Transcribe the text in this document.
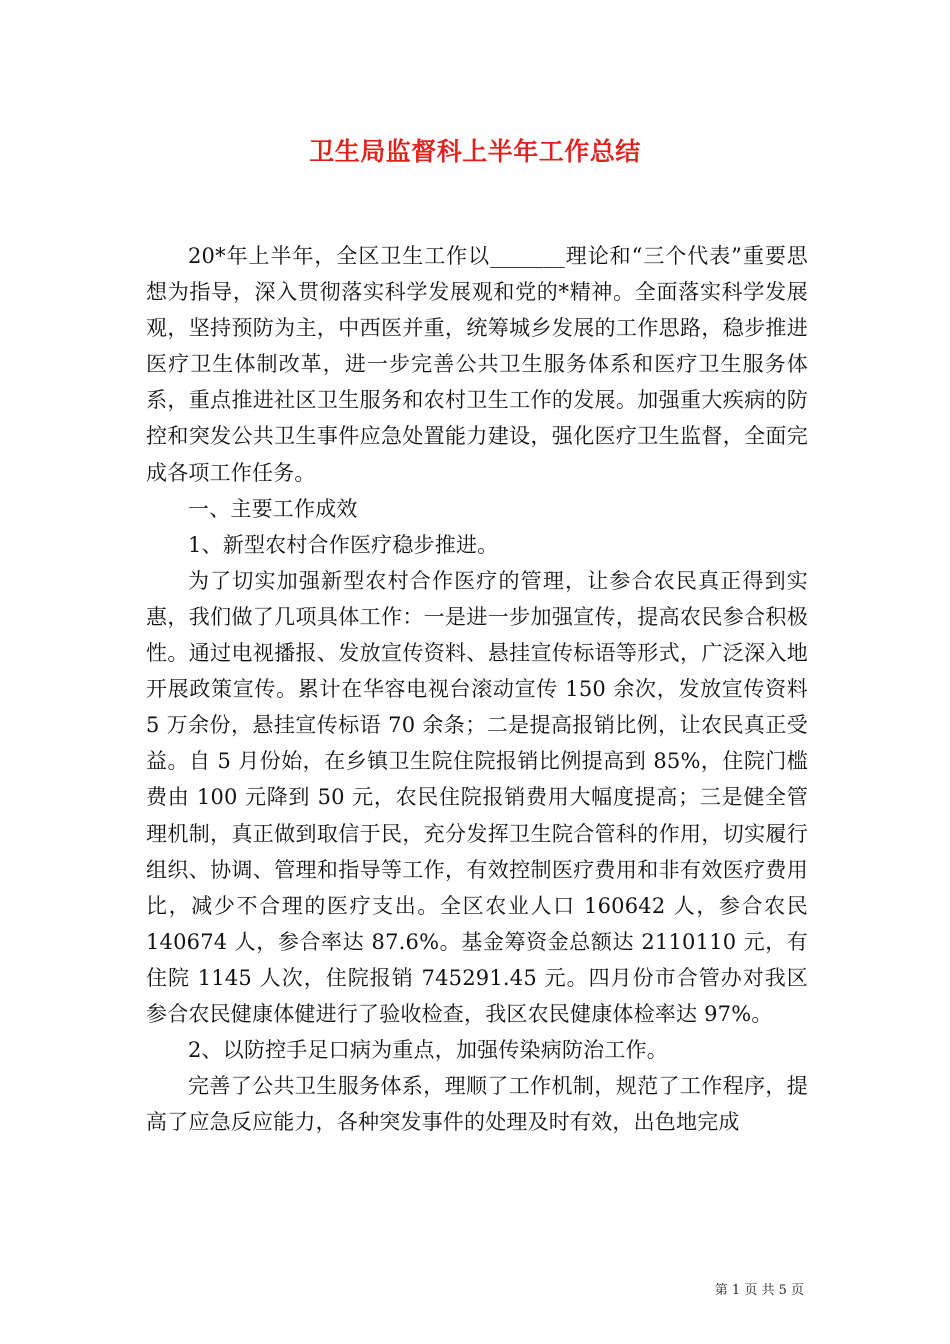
卫生局监督科上半年工作总结

20*年上半年，全区卫生工作以_______理论和“三个代表”重要思想为指导，深入贯彻落实科学发展观和党的*精神。全面落实科学发展观，坚持预防为主，中西医并重，统筹城乡发展的工作思路，稳步推进医疗卫生体制改革，进一步完善公共卫生服务体系和医疗卫生服务体系，重点推进社区卫生服务和农村卫生工作的发展。加强重大疾病的防控和突发公共卫生事件应急处置能力建设，强化医疗卫生监督，全面完成各项工作任务。

一、主要工作成效

1、新型农村合作医疗稳步推进。

为了切实加强新型农村合作医疗的管理，让参合农民真正得到实惠，我们做了几项具体工作：一是进一步加强宣传，提高农民参合积极性。通过电视播报、发放宣传资料、悬挂宣传标语等形式，广泛深入地开展政策宣传。累计在华容电视台滚动宣传 150 余次，发放宣传资料 5 万余份，悬挂宣传标语 70 余条；二是提高报销比例，让农民真正受益。自 5 月份始，在乡镇卫生院住院报销比例提高到 85%，住院门槛费由 100 元降到 50 元，农民住院报销费用大幅度提高；三是健全管理机制，真正做到取信于民，充分发挥卫生院合管科的作用，切实履行组织、协调、管理和指导等工作，有效控制医疗费用和非有效医疗费用比，减少不合理的医疗支出。全区农业人口 160642 人，参合农民 140674 人，参合率达 87.6%。基金筹资金总额达 2110110 元，有住院 1145 人次，住院报销 745291.45 元。四月份市合管办对我区参合农民健康体健进行了验收检查，我区农民健康体检率达 97%。

2、以防控手足口病为重点，加强传染病防治工作。

完善了公共卫生服务体系，理顺了工作机制，规范了工作程序，提高了应急反应能力，各种突发事件的处理及时有效，出色地完成

第 1 页 共 5 页
